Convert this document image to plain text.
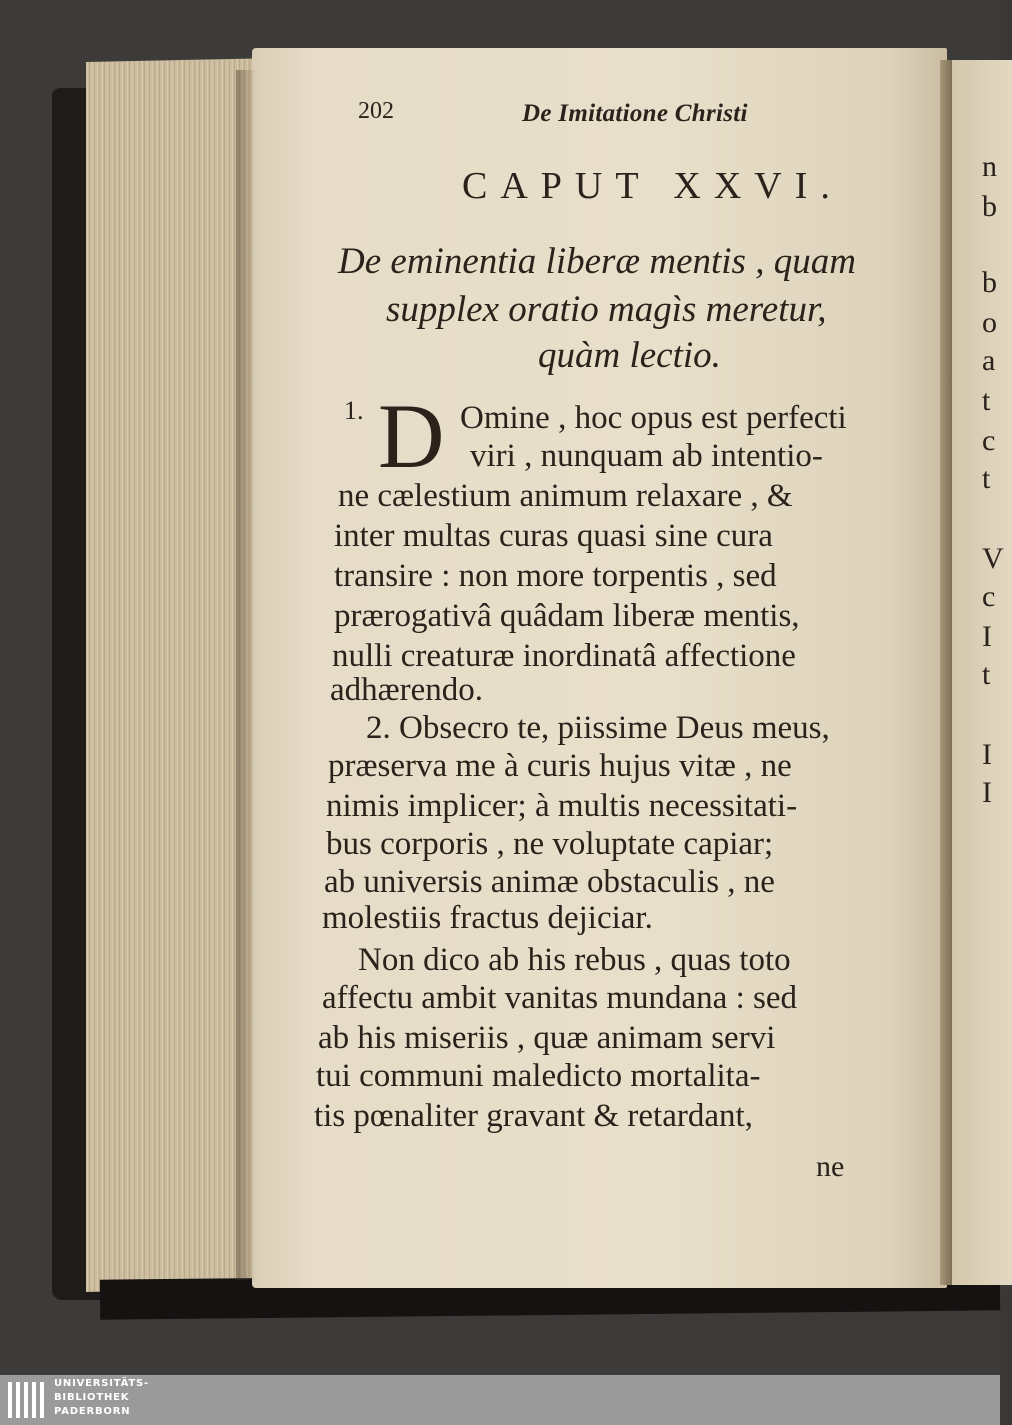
202	De Imitatione Christi
CAPUT XXVI.
De eminentia liberæ mentis , quam
supplex oratio magìs meretur,
quàm lectio.
1. D Omine , hoc opus est perfecti
viri , nunquam ab intentio-
ne cælestium animum relaxare , &
inter multas curas quasi sine cura
transire : non more torpentis , sed
prærogativâ quâdam liberæ mentis,
nulli creaturæ inordinatâ affectione
adhærendo.
2. Obsecro te, piissime Deus meus,
præserva me à curis hujus vitæ , ne
nimis implicer; à multis necessitati-
bus corporis , ne voluptate capiar;
ab universis animæ obstaculis , ne
molestiis fractus dejiciar.
Non dico ab his rebus , quas toto
affectu ambit vanitas mundana : sed
ab his miseriis , quæ animam servi
tui communi maledicto mortalita-
tis pœnaliter gravant & retardant,
ne
n
b
b
o
a
t
c
t
V
c
I
t
I
I
UNIVERSITÄTS-
BIBLIOTHEK
PADERBORN
